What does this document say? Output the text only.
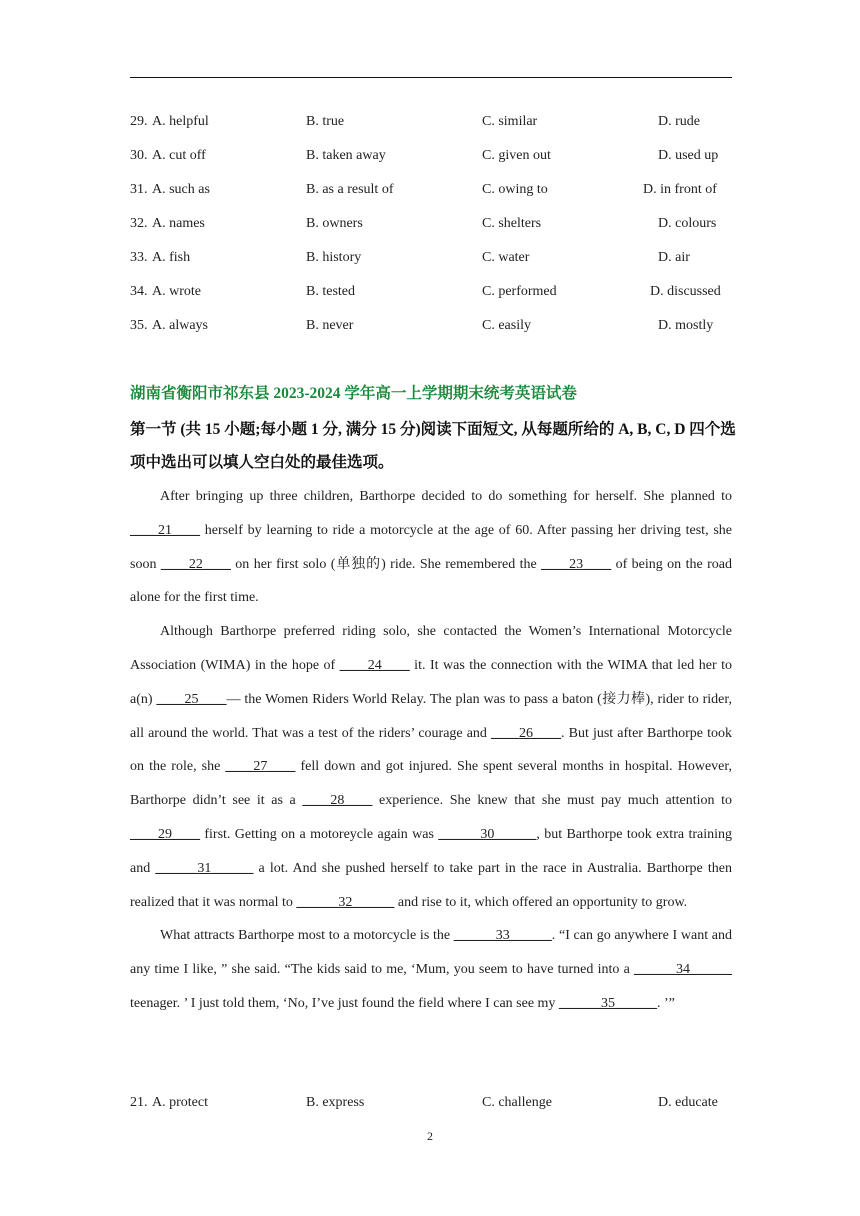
29. A. helpful	B. true	C. similar	D. rude
30. A. cut off	B. taken away	C. given out	D. used up
31. A. such as	B. as a result of	C. owing to	D. in front of
32. A. names	B. owners	C. shelters	D. colours
33. A. fish	B. history	C. water	D. air
34. A. wrote	B. tested	C. performed	D. discussed
35. A. always	B. never	C. easily	D. mostly
湖南省衡阳市祁东县 2023-2024 学年高一上学期期末统考英语试卷
第一节 (共 15 小题;每小题 1 分, 满分 15 分)阅读下面短文, 从每题所给的 A, B, C, D 四个选项中选出可以填人空白处的最佳选项。

After bringing up three children, Barthorpe decided to do something for herself. She planned to ____21____ herself by learning to ride a motorcycle at the age of 60. After passing her driving test, she soon ____22____ on her first solo (单独的) ride. She remembered the ____23____ of being on the road alone for the first time.

Although Barthorpe preferred riding solo, she contacted the Women’s International Motorcycle Association (WIMA) in the hope of ____24____ it. It was the connection with the WIMA that led her to a(n) ____25____— the Women Riders World Relay. The plan was to pass a baton (接力棒), rider to rider, all around the world. That was a test of the riders’ courage and ____26____. But just after Barthorpe took on the role, she ____27____ fell down and got injured. She spent several months in hospital. However, Barthorpe didn’t see it as a ____28____ experience. She knew that she must pay much attention to ____29____ first. Getting on a motoreycle again was ______30______, but Barthorpe took extra training and ______31______ a lot. And she pushed herself to take part in the race in Australia. Barthorpe then realized that it was normal to ______32______ and rise to it, which offered an opportunity to grow.

What attracts Barthorpe most to a motorcycle is the ______33______. “I can go anywhere I want and any time I like, ” she said. “The kids said to me, ‘Mum, you seem to have turned into a ______34______ teenager. ’ I just told them, ‘No, I’ve just found the field where I can see my ______35______. ’”

21. A. protect	B. express	C. challenge	D. educate
2
